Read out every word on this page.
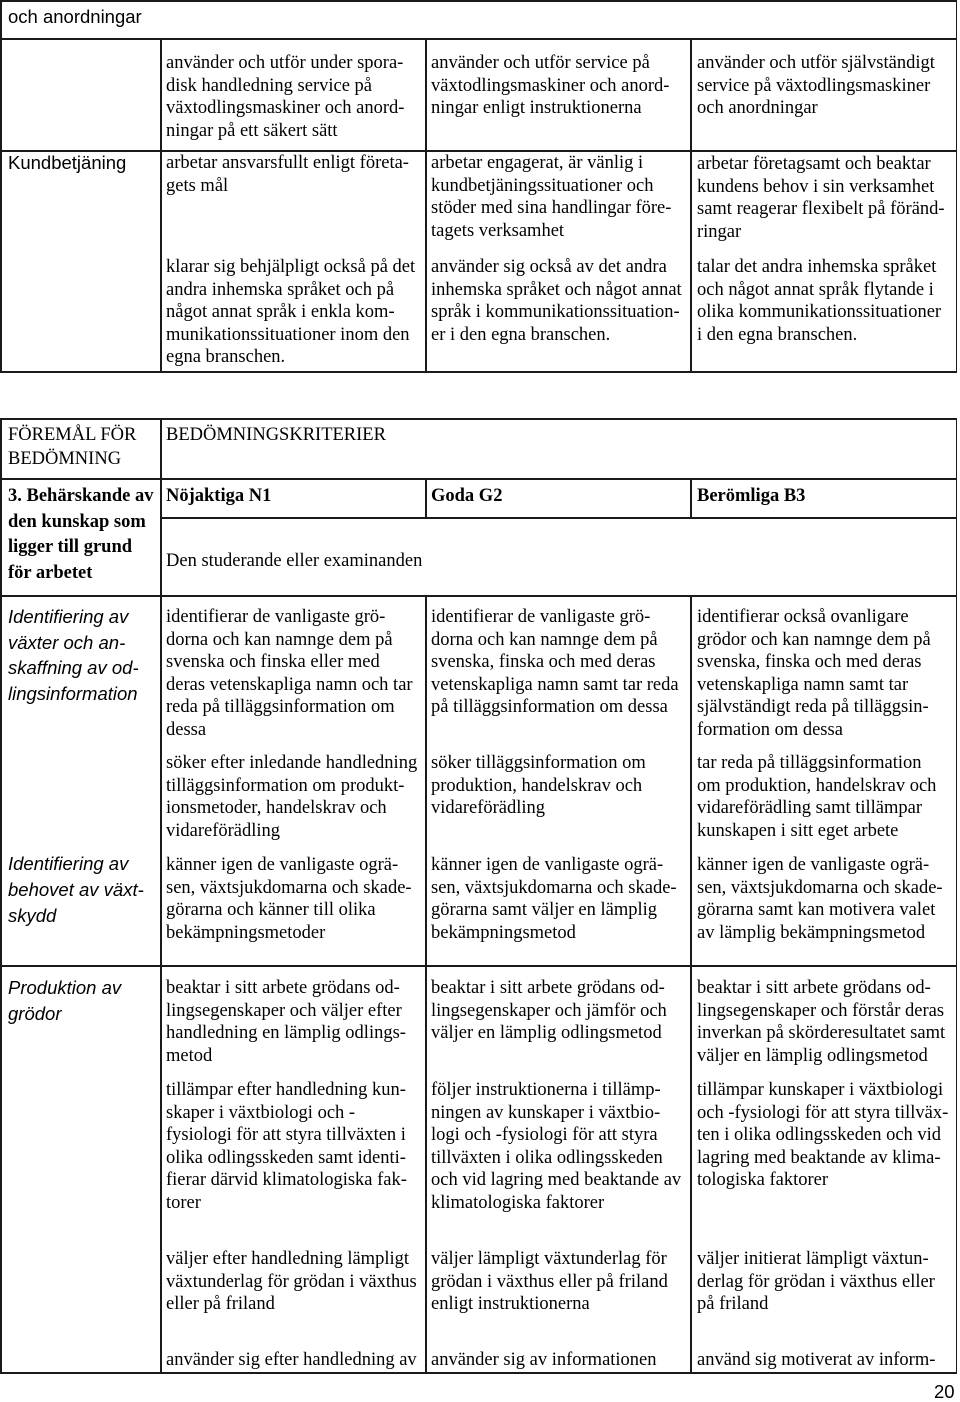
och anordningar
använder och utför under spora-
disk handledning service på
växtodlingsmaskiner och anord-
ningar på ett säkert sätt
använder och utför service på
växtodlingsmaskiner och anord-
ningar enligt instruktionerna
använder och utför självständigt
service på växtodlingsmaskiner
och anordningar
Kundbetjäning arbetar ansvarsfullt enligt företa-
gets mål
arbetar engagerat, är vänlig i
kundbetjäningssituationer och
stöder med sina handlingar före-
tagets verksamhet
arbetar företagsamt och beaktar
kundens behov i sin verksamhet
samt reagerar flexibelt på föränd-
ringar
klarar sig behjälpligt också på det
andra inhemska språket och på
något annat språk i enkla kom-
munikationssituationer inom den
egna branschen.
använder sig också av det andra
inhemska språket och något annat
språk i kommunikationssituation-
er i den egna branschen.
talar det andra inhemska språket
och något annat språk flytande i
olika kommunikationssituationer
i den egna branschen.
FÖREMÅL FÖR
BEDÖMNING
BEDÖMNINGSKRITERIER
3. Behärskande av
den kunskap som
ligger till grund
för arbetet
Nöjaktiga N1	Goda G2	Berömliga B3
Den studerande eller examinanden
Identifiering av
växter och an-
skaffning av od-
lingsinformation
identifierar de vanligaste grö-
dorna och kan namnge dem på
svenska och finska eller med
deras vetenskapliga namn och tar
reda på tilläggsinformation om
dessa
identifierar de vanligaste grö-
dorna och kan namnge dem på
svenska, finska och med deras
vetenskapliga namn samt tar reda
på tilläggsinformation om dessa
identifierar också ovanligare
grödor och kan namnge dem på
svenska, finska och med deras
vetenskapliga namn samt tar
självständigt reda på tilläggsin-
formation om dessa
söker efter inledande handledning
tilläggsinformation om produkt-
ionsmetoder, handelskrav och
vidareförädling
söker tilläggsinformation om
produktion, handelskrav och
vidareförädling
tar reda på tilläggsinformation
om produktion, handelskrav och
vidareförädling samt tillämpar
kunskapen i sitt eget arbete
Identifiering av
behovet av växt-
skydd
känner igen de vanligaste ogrä-
sen, växtsjukdomarna och skade-
görarna och känner till olika
bekämpningsmetoder
känner igen de vanligaste ogrä-
sen, växtsjukdomarna och skade-
görarna samt väljer en lämplig
bekämpningsmetod
känner igen de vanligaste ogrä-
sen, växtsjukdomarna och skade-
görarna samt kan motivera valet
av lämplig bekämpningsmetod
Produktion av
grödor
beaktar i sitt arbete grödans od-
lingsegenskaper och väljer efter
handledning en lämplig odlings-
metod
beaktar i sitt arbete grödans od-
lingsegenskaper och jämför och
väljer en lämplig odlingsmetod
beaktar i sitt arbete grödans od-
lingsegenskaper och förstår deras
inverkan på skörderesultatet samt
väljer en lämplig odlingsmetod
tillämpar efter handledning kun-
skaper i växtbiologi och -
fysiologi för att styra tillväxten i
olika odlingsskeden samt identi-
fierar därvid klimatologiska fak-
torer
följer instruktionerna i tillämp-
ningen av kunskaper i växtbio-
logi och -fysiologi för att styra
tillväxten i olika odlingsskeden
och vid lagring med beaktande av
klimatologiska faktorer
tillämpar kunskaper i växtbiologi
och -fysiologi för att styra tillväx-
ten i olika odlingsskeden och vid
lagring med beaktande av klima-
tologiska faktorer
väljer efter handledning lämpligt
växtunderlag för grödan i växthus
eller på friland
väljer lämpligt växtunderlag för
grödan i växthus eller på friland
enligt instruktionerna
väljer initierat lämpligt växtun-
derlag för grödan i växthus eller
på friland
använder sig efter handledning av använder sig av informationen använd sig motiverat av inform-
20
